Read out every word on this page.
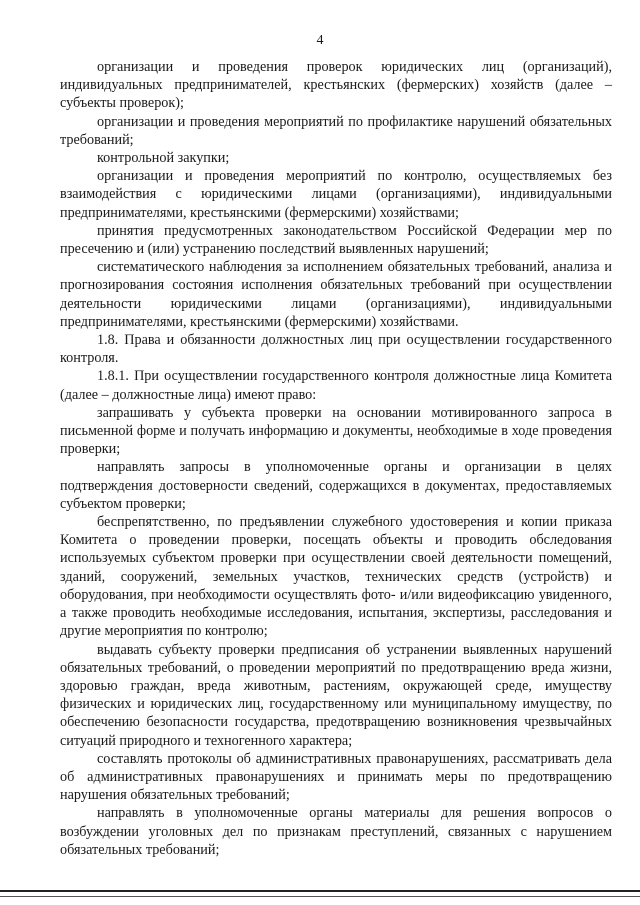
4

организации и проведения проверок юридических лиц (организаций), индивидуальных предпринимателей, крестьянских (фермерских) хозяйств (далее – субъекты проверок);

организации и проведения мероприятий по профилактике нарушений обязательных требований;

контрольной закупки;

организации и проведения мероприятий по контролю, осуществляемых без взаимодействия с юридическими лицами (организациями), индивидуальными предпринимателями, крестьянскими (фермерскими) хозяйствами;

принятия предусмотренных законодательством Российской Федерации мер по пресечению и (или) устранению последствий выявленных нарушений;

систематического наблюдения за исполнением обязательных требований, анализа и прогнозирования состояния исполнения обязательных требований при осуществлении деятельности юридическими лицами (организациями), индивидуальными предпринимателями, крестьянскими (фермерскими) хозяйствами.

1.8. Права и обязанности должностных лиц при осуществлении государственного контроля.

1.8.1. При осуществлении государственного контроля должностные лица Комитета (далее – должностные лица) имеют право:

запрашивать у субъекта проверки на основании мотивированного запроса в письменной форме и получать информацию и документы, необходимые в ходе проведения проверки;

направлять запросы в уполномоченные органы и организации в целях подтверждения достоверности сведений, содержащихся в документах, предоставляемых субъектом проверки;

беспрепятственно, по предъявлении служебного удостоверения и копии приказа Комитета о проведении проверки, посещать объекты и проводить обследования используемых субъектом проверки при осуществлении своей деятельности помещений, зданий, сооружений, земельных участков, технических средств (устройств) и оборудования, при необходимости осуществлять фото- и/или видеофиксацию увиденного, а также проводить необходимые исследования, испытания, экспертизы, расследования и другие мероприятия по контролю;

выдавать субъекту проверки предписания об устранении выявленных нарушений обязательных требований, о проведении мероприятий по предотвращению вреда жизни, здоровью граждан, вреда животным, растениям, окружающей среде, имуществу физических и юридических лиц, государственному или муниципальному имуществу, по обеспечению безопасности государства, предотвращению возникновения чрезвычайных ситуаций природного и техногенного характера;

составлять протоколы об административных правонарушениях, рассматривать дела об административных правонарушениях и принимать меры по предотвращению нарушения обязательных требований;

направлять в уполномоченные органы материалы для решения вопросов о возбуждении уголовных дел по признакам преступлений, связанных с нарушением обязательных требований;
